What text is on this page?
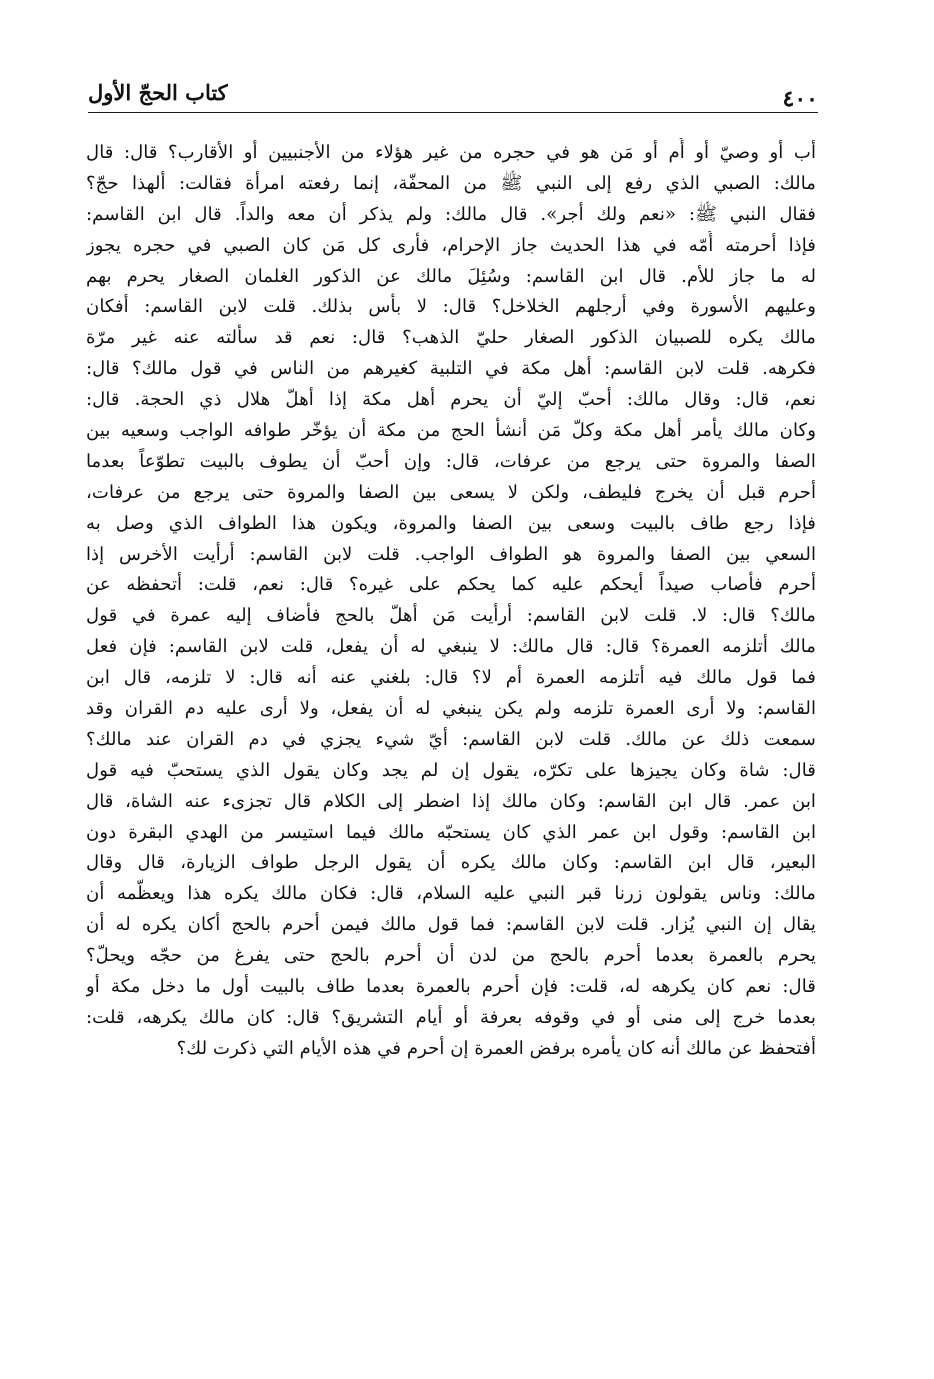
كتاب الحجّ الأول	٤٠٠
أب أو وصيّ أو أُم أو مَن هو في حجره من غير هؤلاء من الأجنبيين أو الأقارب؟ قال: قال
مالك: الصبي الذي رفع إلى النبي ﷺ من المحفّة، إنما رفعته امرأة فقالت: ألهذا حجّ؟
فقال النبي ﷺ: «نعم ولك أجر». قال مالك: ولم يذكر أن معه والداً. قال ابن القاسم:
فإذا أحرمته أُمّه في هذا الحديث جاز الإحرام، فأرى كل مَن كان الصبي في حجره يجوز
له ما جاز للأم. قال ابن القاسم: وسُئِلَ مالك عن الذكور الغلمان الصغار يحرم بهم
وعليهم الأسورة وفي أرجلهم الخلاخل؟ قال: لا بأس بذلك. قلت لابن القاسم: أفكان
مالك يكره للصبيان الذكور الصغار حليّ الذهب؟ قال: نعم قد سألته عنه غير مرّة
فكرهه. قلت لابن القاسم: أهل مكة في التلبية كغيرهم من الناس في قول مالك؟ قال:
نعم، قال: وقال مالك: أحبّ إليّ أن يحرم أهل مكة إذا أهلّ هلال ذي الحجة. قال:
وكان مالك يأمر أهل مكة وكلّ مَن أنشأ الحج من مكة أن يؤخّر طوافه الواجب وسعيه بين
الصفا والمروة حتى يرجع من عرفات، قال: وإن أحبّ أن يطوف بالبيت تطوّعاً بعدما
أحرم قبل أن يخرج فليطف، ولكن لا يسعى بين الصفا والمروة حتى يرجع من عرفات،
فإذا رجع طاف بالبيت وسعى بين الصفا والمروة، ويكون هذا الطواف الذي وصل به
السعي بين الصفا والمروة هو الطواف الواجب. قلت لابن القاسم: أرأيت الأخرس إذا
أحرم فأصاب صيداً أيحكم عليه كما يحكم على غيره؟ قال: نعم، قلت: أتحفظه عن
مالك؟ قال: لا. قلت لابن القاسم: أرأيت مَن أهلّ بالحج فأضاف إليه عمرة في قول
مالك أتلزمه العمرة؟ قال: قال مالك: لا ينبغي له أن يفعل، قلت لابن القاسم: فإن فعل
فما قول مالك فيه أتلزمه العمرة أم لا؟ قال: بلغني عنه أنه قال: لا تلزمه، قال ابن
القاسم: ولا أرى العمرة تلزمه ولم يكن ينبغي له أن يفعل، ولا أرى عليه دم القران وقد
سمعت ذلك عن مالك. قلت لابن القاسم: أيّ شيء يجزي في دم القران عند مالك؟
قال: شاة وكان يجيزها على تكرّه، يقول إن لم يجد وكان يقول الذي يستحبّ فيه قول
ابن عمر. قال ابن القاسم: وكان مالك إذا اضطر إلى الكلام قال تجزىء عنه الشاة، قال
ابن القاسم: وقول ابن عمر الذي كان يستحبّه مالك فيما استيسر من الهدي البقرة دون
البعير، قال ابن القاسم: وكان مالك يكره أن يقول الرجل طواف الزيارة، قال وقال
مالك: وناس يقولون زرنا قبر النبي عليه السلام، قال: فكان مالك يكره هذا ويعظّمه أن
يقال إن النبي يُزار. قلت لابن القاسم: فما قول مالك فيمن أحرم بالحج أكان يكره له أن
يحرم بالعمرة بعدما أحرم بالحج من لدن أن أحرم بالحج حتى يفرغ من حجّه ويحلّ؟
قال: نعم كان يكرهه له، قلت: فإن أحرم بالعمرة بعدما طاف بالبيت أول ما دخل مكة أو
بعدما خرج إلى منى أو في وقوفه بعرفة أو أيام التشريق؟ قال: كان مالك يكرهه، قلت:
أفتحفظ عن مالك أنه كان يأمره برفض العمرة إن أحرم في هذه الأيام التي ذكرت لك؟
